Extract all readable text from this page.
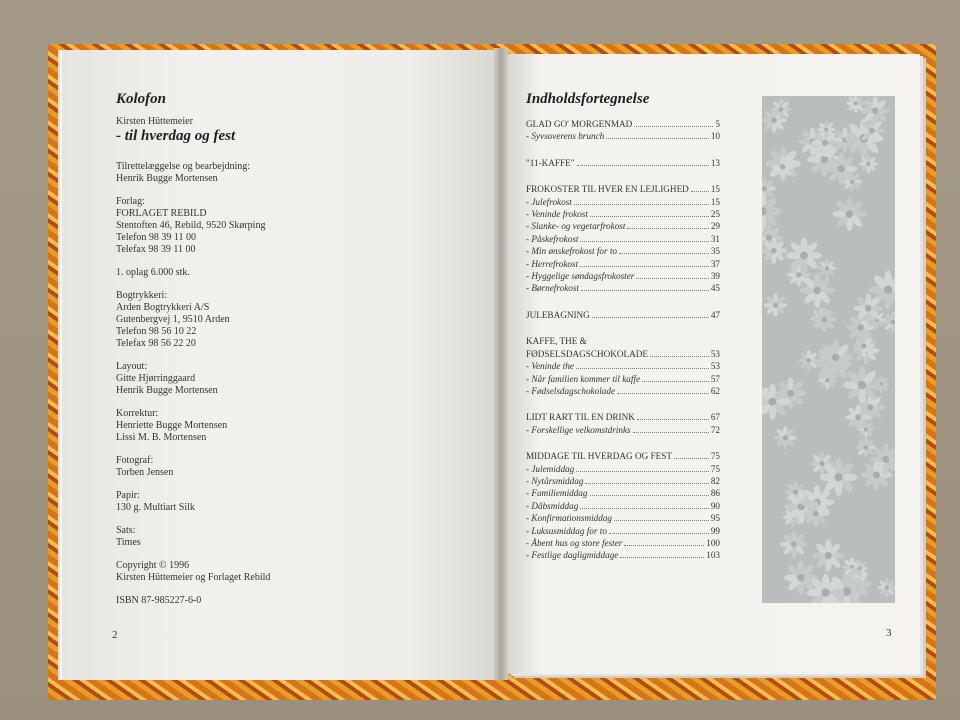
Kolofon
Kirsten Hüttemeier
- til hverdag og fest
Tilrettelæggelse og bearbejdning:
Henrik Bugge Mortensen
Forlag:
FORLAGET REBILD
Stentoften 46, Rebild, 9520 Skørping
Telefon 98 39 11 00
Telefax 98 39 11 00
1. oplag 6.000 stk.
Bogtrykkeri:
Arden Bogtrykkeri A/S
Gutenbergvej 1, 9510 Arden
Telefon 98 56 10 22
Telefax 98 56 22 20
Layout:
Gitte Hjørringgaard
Henrik Bugge Mortensen
Korrektur:
Henriette Bugge Mortensen
Lissi M. B. Mortensen
Fotograf:
Torben Jensen
Papir:
130 g. Multiart Silk
Sats:
Times
Copyright © 1996
Kirsten Hüttemeier og Forlaget Rebild
ISBN 87-985227-6-0
2
Indholdsfortegnelse
GLAD GO' MORGENMAD	5
- Syvsoverens brunch	10
"11-KAFFE"	13
FROKOSTER TIL HVER EN LEJLIGHED 15
- Julefrokost	15
- Veninde frokost	25
- Slanke- og vegetarfrokost	29
- Påskefrokost	31
- Min ønskefrokost for to	35
- Herrefrokost	37
- Hyggelige søndagsfrokoster	39
- Børnefrokost	45
JULEBAGNING	47
KAFFE, THE &
FØDSELSDAGSCHOKOLADE	53
- Veninde the	53
- Når familien kommer til kaffe	57
- Fødselsdagschokolade	62
LIDT RART TIL EN DRINK	67
- Forskellige velkomstdrinks	72
MIDDAGE TIL HVERDAG OG FEST	75
- Julemiddag	75
- Nytårsmiddag	82
- Familiemiddag	86
- Dåbsmiddag	90
- Konfirmationsmiddag	95
- Luksusmiddag for to	99
- Åbent hus og store fester	100
- Festlige dagligmiddage	103
3
